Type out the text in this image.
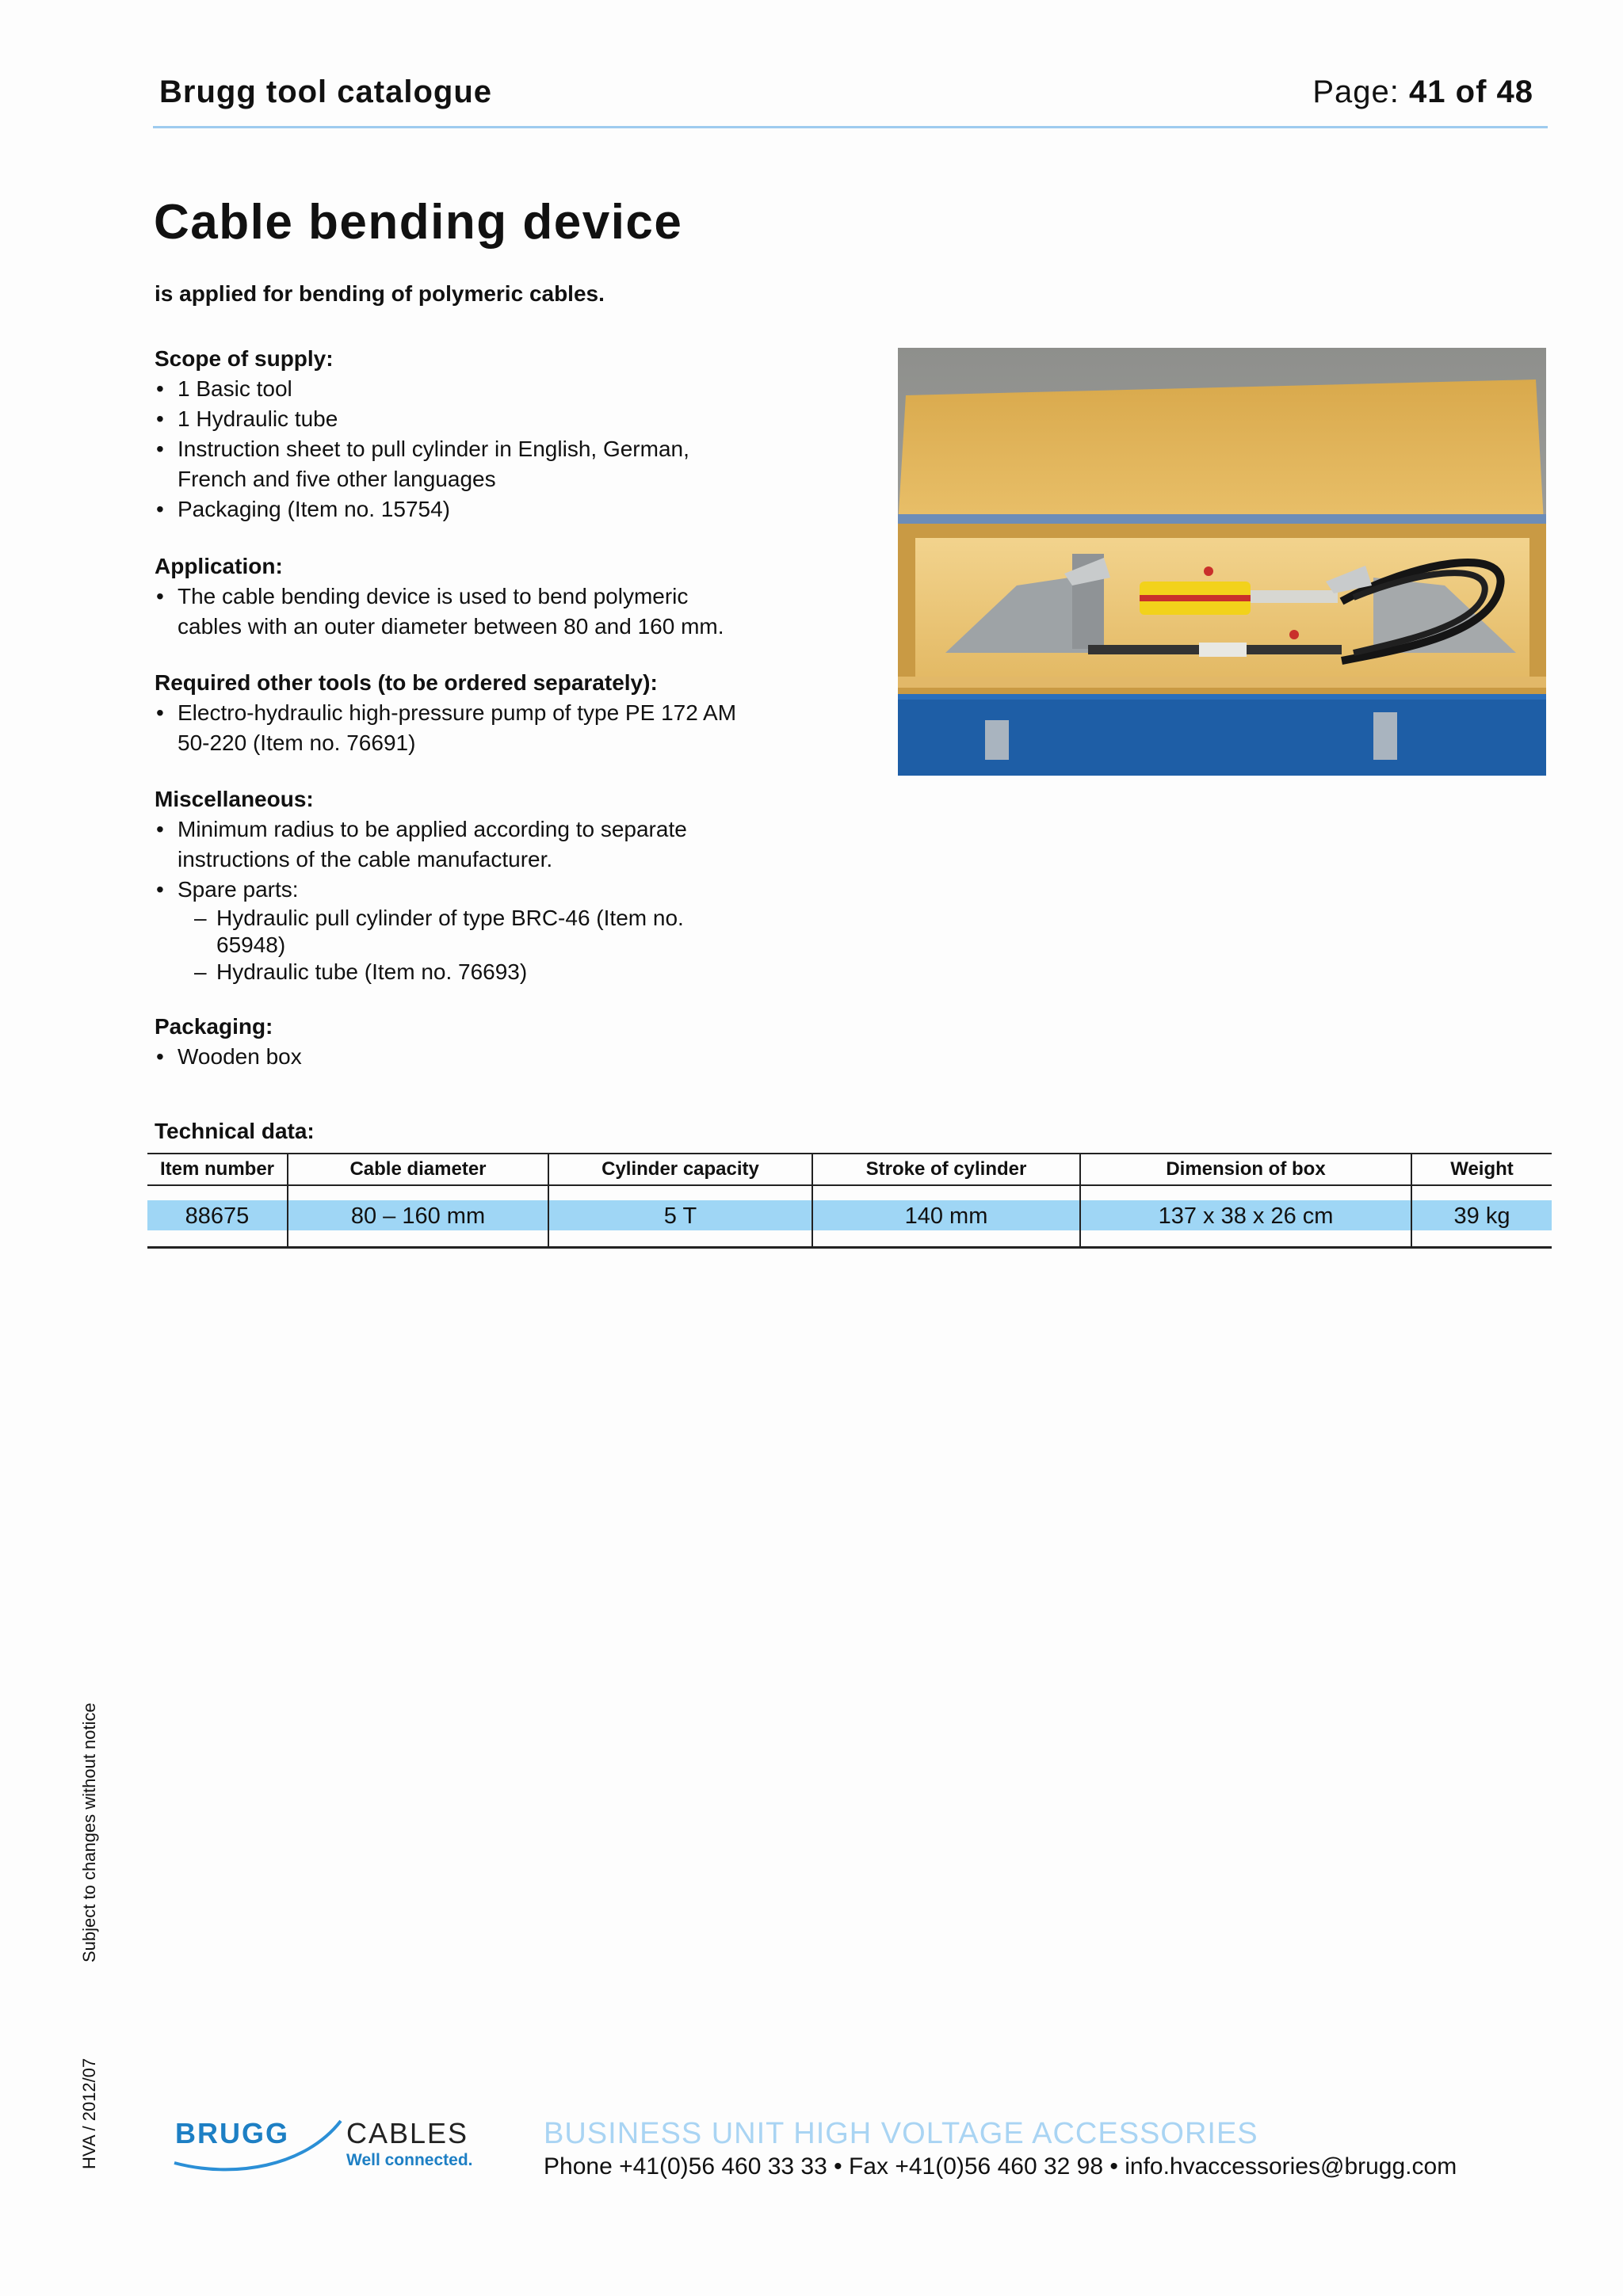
Brugg tool catalogue	Page: 41 of 48
Cable bending device
is applied for bending of polymeric cables.
Scope of supply:
• 1 Basic tool
• 1 Hydraulic tube
• Instruction sheet to pull cylinder in English, German,
French and five other languages
• Packaging (Item no. 15754)
Application:
• The cable bending device is used to bend polymeric
cables with an outer diameter between 80 and 160 mm.
Required other tools (to be ordered separately):
• Electro-hydraulic high-pressure pump of type PE 172 AM
50-220 (Item no. 76691)
Miscellaneous:
• Minimum radius to be applied according to separate
instructions of the cable manufacturer.
• Spare parts:
– Hydraulic pull cylinder of type BRC-46 (Item no.
65948)
– Hydraulic tube (Item no. 76693)
Packaging:
• Wooden box
Technical data:
Item number	Cable diameter	Cylinder capacity	Stroke of cylinder	Dimension of box	Weight

88675	80 – 160 mm	5 T	140 mm	137 x 38 x 26 cm	39 kg
Subject to changes without notice
HVA / 2012/07	BRUGG CABLES
Well connected.
BUSINESS UNIT HIGH VOLTAGE ACCESSORIES
Phone +41(0)56 460 33 33 • Fax +41(0)56 460 32 98 • info.hvaccessories@brugg.com
